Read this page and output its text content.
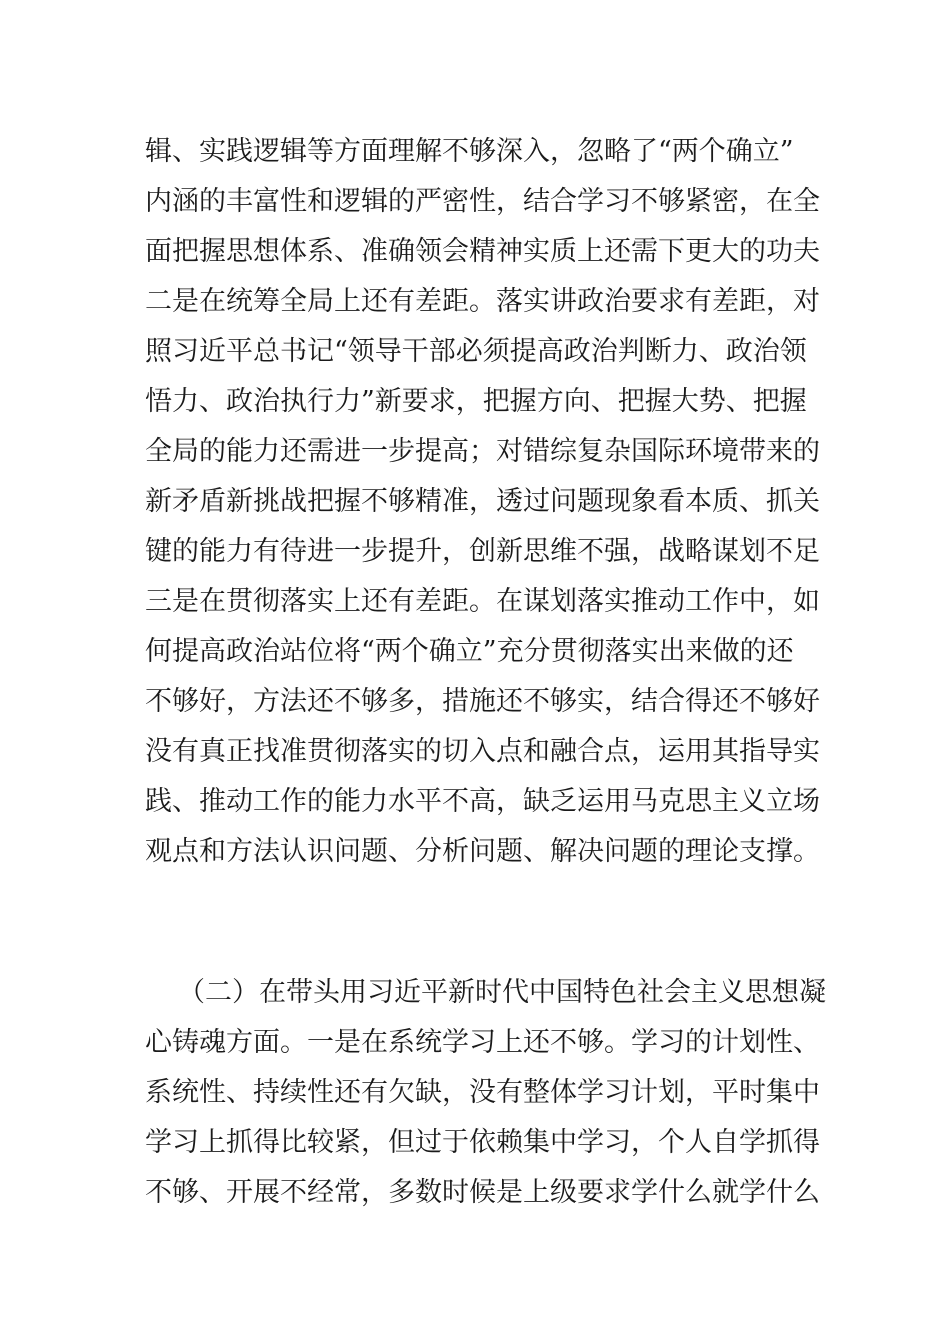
辑、实践逻辑等方面理解不够深入，忽略了“两个确立”
内涵的丰富性和逻辑的严密性，结合学习不够紧密，在全
面把握思想体系、准确领会精神实质上还需下更大的功夫
二是在统筹全局上还有差距。落实讲政治要求有差距，对
照习近平总书记“领导干部必须提高政治判断力、政治领
悟力、政治执行力”新要求，把握方向、把握大势、把握
全局的能力还需进一步提高；对错综复杂国际环境带来的
新矛盾新挑战把握不够精准，透过问题现象看本质、抓关
键的能力有待进一步提升，创新思维不强，战略谋划不足
三是在贯彻落实上还有差距。在谋划落实推动工作中，如
何提高政治站位将“两个确立”充分贯彻落实出来做的还
不够好，方法还不够多，措施还不够实，结合得还不够好
没有真正找准贯彻落实的切入点和融合点，运用其指导实
践、推动工作的能力水平不高，缺乏运用马克思主义立场
观点和方法认识问题、分析问题、解决问题的理论支撑。
（二）在带头用习近平新时代中国特色社会主义思想凝
心铸魂方面。一是在系统学习上还不够。学习的计划性、
系统性、持续性还有欠缺，没有整体学习计划，平时集中
学习上抓得比较紧，但过于依赖集中学习，个人自学抓得
不够、开展不经常，多数时候是上级要求学什么就学什么
